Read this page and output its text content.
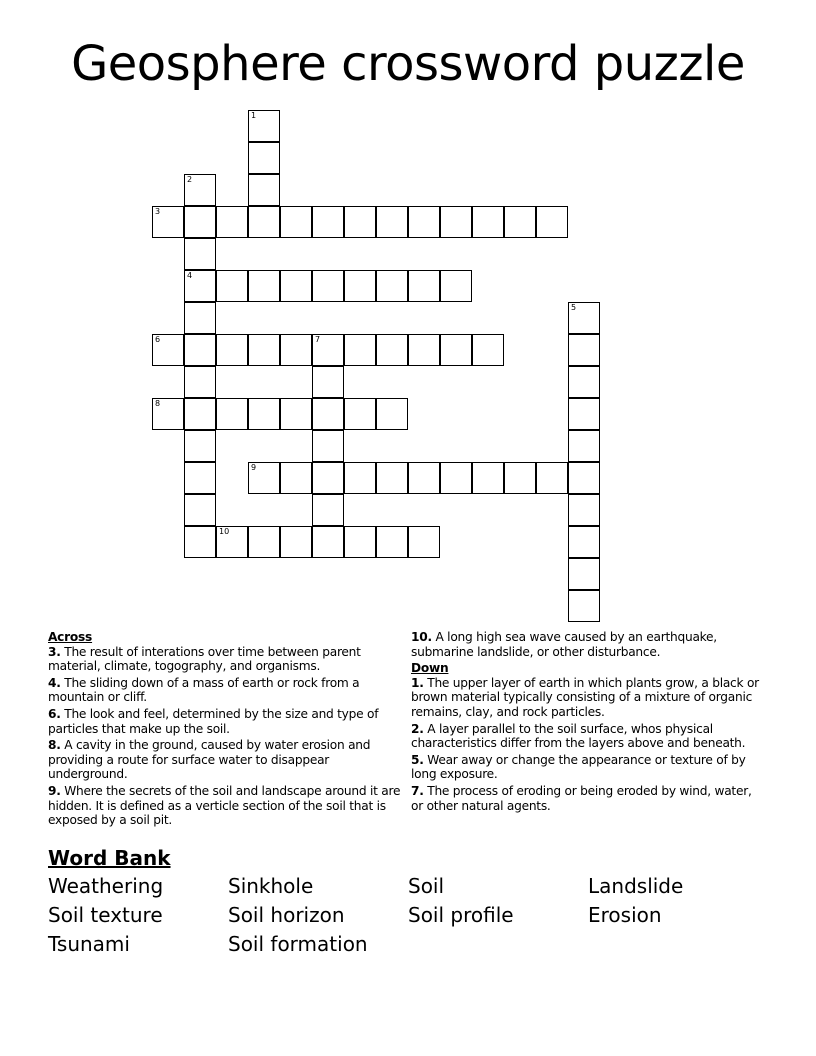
Geosphere crossword puzzle
1
2
4
3
5
6	7
8
9
10
Across
3. The result of interations over time between parent material, climate, togography, and organisms.
4. The sliding down of a mass of earth or rock from a mountain or cliff.
6. The look and feel, determined by the size and type of particles that make up the soil.
8. A cavity in the ground, caused by water erosion and providing a route for surface water to disappear underground.
9. Where the secrets of the soil and landscape around it are hidden. It is defined as a verticle section of the soil that is exposed by a soil pit.
10. A long high sea wave caused by an earthquake, submarine landslide, or other disturbance.
Down
1. The upper layer of earth in which plants grow, a black or brown material typically consisting of a mixture of organic remains, clay, and rock particles.
2. A layer parallel to the soil surface, whos physical characteristics differ from the layers above and beneath.
5. Wear away or change the appearance or texture of by long exposure.
7. The process of eroding or being eroded by wind, water, or other natural agents.
Word Bank
Weathering	Sinkhole	Soil	Landslide
Soil texture	Soil horizon	Soil profile	Erosion
Tsunami	Soil formation
